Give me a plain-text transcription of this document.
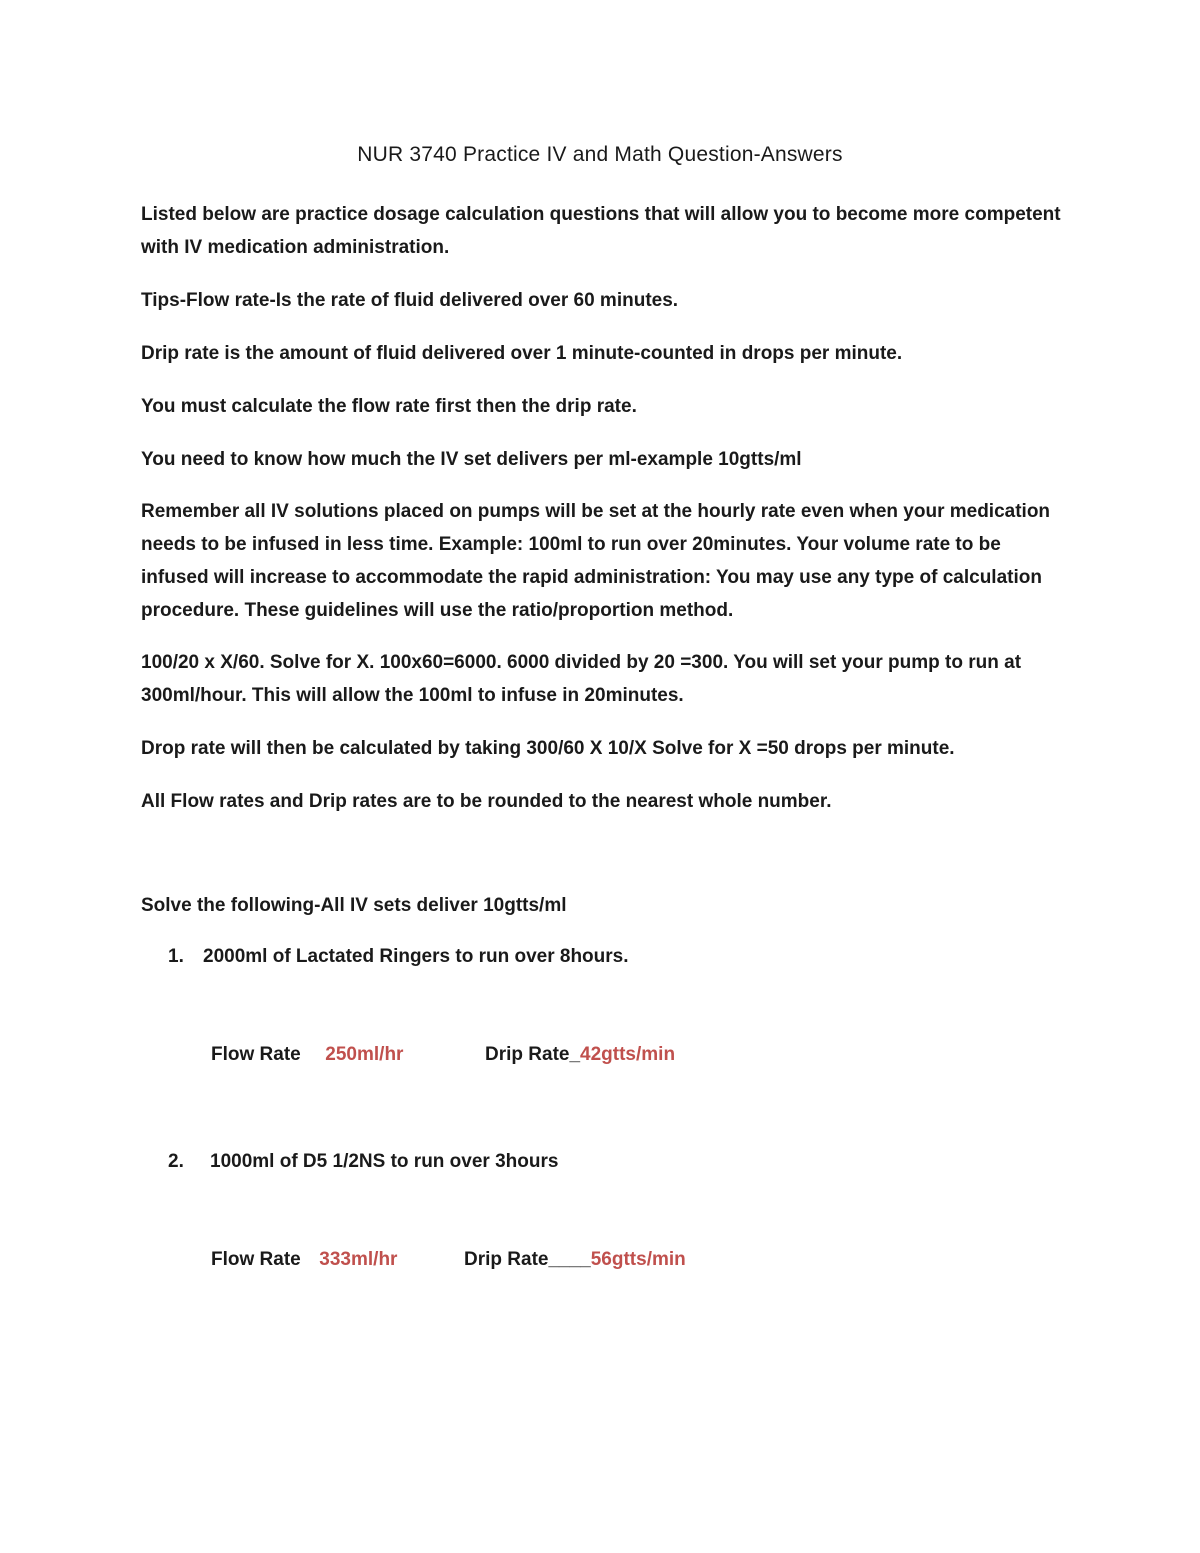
NUR 3740 Practice IV and Math Question-Answers

Listed below are practice dosage calculation questions that will allow you to become more competent with IV medication administration.

Tips-Flow rate-Is the rate of fluid delivered over 60 minutes.

Drip rate is the amount of fluid delivered over 1 minute-counted in drops per minute.

You must calculate the flow rate first then the drip rate.

You need to know how much the IV set delivers per ml-example 10gtts/ml

Remember all IV solutions placed on pumps will be set at the hourly rate even when your medication needs to be infused in less time. Example: 100ml to run over 20minutes. Your volume rate to be infused will increase to accommodate the rapid administration: You may use any type of calculation procedure. These guidelines will use the ratio/proportion method.

100/20 x X/60. Solve for X. 100x60=6000. 6000 divided by 20 =300. You will set your pump to run at 300ml/hour. This will allow the 100ml to infuse in 20minutes.

Drop rate will then be calculated by taking 300/60 X 10/X Solve for X =50 drops per minute.

All Flow rates and Drip rates are to be rounded to the nearest whole number.

Solve the following-All IV sets deliver 10gtts/ml

1. 2000ml of Lactated Ringers to run over 8hours.
Flow Rate 250ml/hr	Drip Rate_42gtts/min
2. 1000ml of D5 1/2NS to run over 3hours
Flow Rate 333ml/hr	Drip Rate____56gtts/min
